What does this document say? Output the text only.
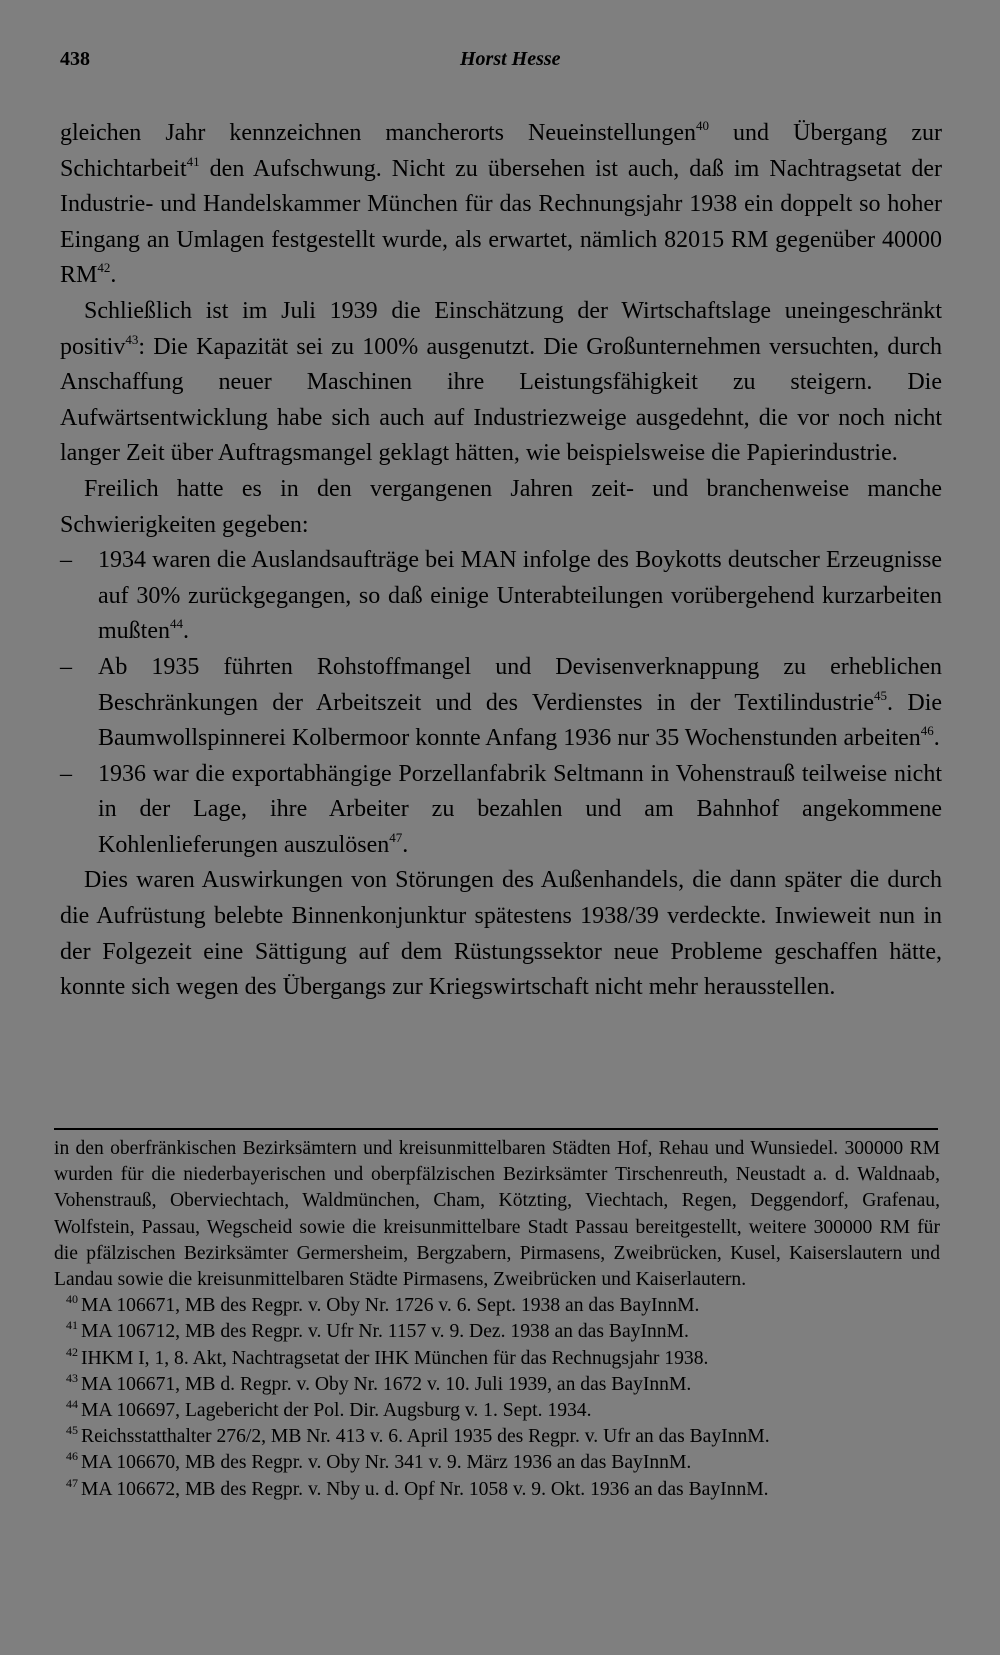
438	Horst Hesse

gleichen Jahr kennzeichnen mancherorts Neueinstellungen$^{40}$ und Übergang zur Schichtarbeit$^{41}$ den Aufschwung. Nicht zu übersehen ist auch, daß im Nachtragsetat der Industrie- und Handelskammer München für das Rechnungsjahr 1938 ein doppelt so hoher Eingang an Umlagen festgestellt wurde, als erwartet, nämlich 82015 RM gegenüber 40000 RM$^{42}$.

Schließlich ist im Juli 1939 die Einschätzung der Wirtschaftslage uneingeschränkt positiv$^{43}$: Die Kapazität sei zu 100% ausgenutzt. Die Großunternehmen versuchten, durch Anschaffung neuer Maschinen ihre Leistungsfähigkeit zu steigern. Die Aufwärtsentwicklung habe sich auch auf Industriezweige ausgedehnt, die vor noch nicht langer Zeit über Auftragsmangel geklagt hätten, wie beispielsweise die Papierindustrie.

Freilich hatte es in den vergangenen Jahren zeit- und branchenweise manche Schwierigkeiten gegeben:

– 1934 waren die Auslandsaufträge bei MAN infolge des Boykotts deutscher Erzeugnisse auf 30% zurückgegangen, so daß einige Unterabteilungen vorübergehend kurzarbeiten mußten$^{44}$.

– Ab 1935 führten Rohstoffmangel und Devisenverknappung zu erheblichen Beschränkungen der Arbeitszeit und des Verdienstes in der Textilindustrie$^{45}$. Die Baumwollspinnerei Kolbermoor konnte Anfang 1936 nur 35 Wochenstunden arbeiten$^{46}$.

– 1936 war die exportabhängige Porzellanfabrik Seltmann in Vohenstrauß teilweise nicht in der Lage, ihre Arbeiter zu bezahlen und am Bahnhof angekommene Kohlenlieferungen auszulösen$^{47}$.

Dies waren Auswirkungen von Störungen des Außenhandels, die dann später die durch die Aufrüstung belebte Binnenkonjunktur spätestens 1938/39 verdeckte. Inwieweit nun in der Folgezeit eine Sättigung auf dem Rüstungssektor neue Probleme geschaffen hätte, konnte sich wegen des Übergangs zur Kriegswirtschaft nicht mehr herausstellen.

in den oberfränkischen Bezirksämtern und kreisunmittelbaren Städten Hof, Rehau und Wunsiedel. 300000 RM wurden für die niederbayerischen und oberpfälzischen Bezirksämter Tirschenreuth, Neustadt a. d. Waldnaab, Vohenstrauß, Oberviechtach, Waldmünchen, Cham, Kötzting, Viechtach, Regen, Deggendorf, Grafenau, Wolfstein, Passau, Wegscheid sowie die kreisunmittelbare Stadt Passau bereitgestellt, weitere 300000 RM für die pfälzischen Bezirksämter Germersheim, Bergzabern, Pirmasens, Zweibrücken, Kusel, Kaiserslautern und Landau sowie die kreisunmittelbaren Städte Pirmasens, Zweibrücken und Kaiserlautern.

$^{40}$ MA 106671, MB des Regpr. v. Oby Nr. 1726 v. 6. Sept. 1938 an das BayInnM.

$^{41}$ MA 106712, MB des Regpr. v. Ufr Nr. 1157 v. 9. Dez. 1938 an das BayInnM.

$^{42}$ IHKM I, 1, 8. Akt, Nachtragsetat der IHK München für das Rechnugsjahr 1938.

$^{43}$ MA 106671, MB d. Regpr. v. Oby Nr. 1672 v. 10. Juli 1939, an das BayInnM.

$^{44}$ MA 106697, Lagebericht der Pol. Dir. Augsburg v. 1. Sept. 1934.

$^{45}$ Reichsstatthalter 276/2, MB Nr. 413 v. 6. April 1935 des Regpr. v. Ufr an das BayInnM.

$^{46}$ MA 106670, MB des Regpr. v. Oby Nr. 341 v. 9. März 1936 an das BayInnM.

$^{47}$ MA 106672, MB des Regpr. v. Nby u. d. Opf Nr. 1058 v. 9. Okt. 1936 an das BayInnM.
